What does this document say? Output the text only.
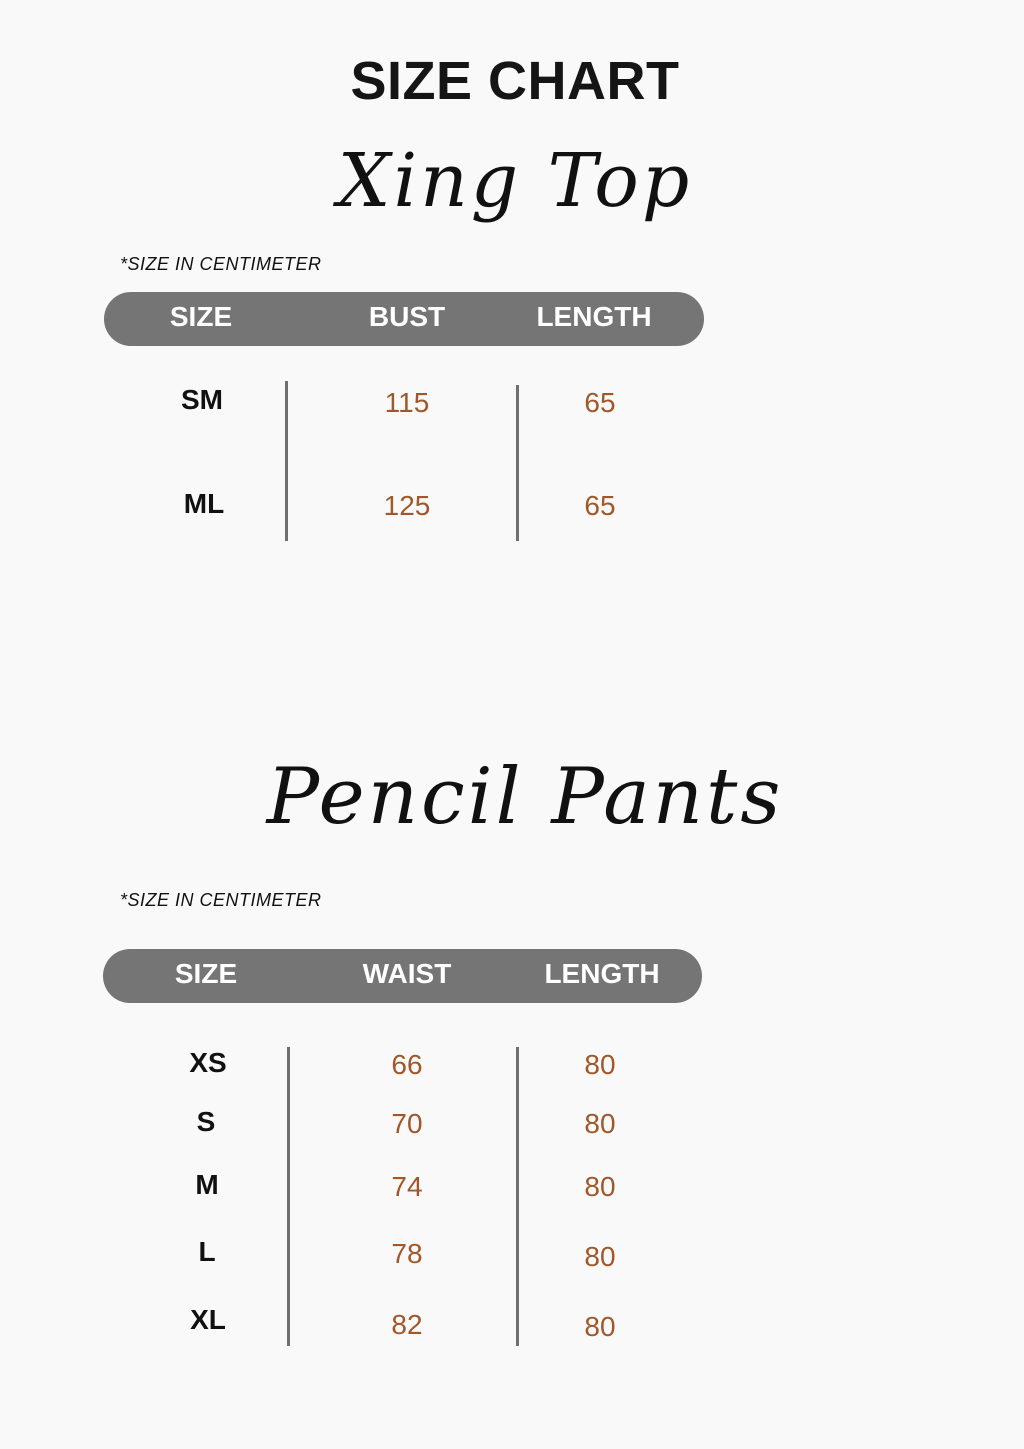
SIZE CHART
Xing Top
*SIZE IN CENTIMETER
SIZE	BUST	LENGTH
SM	115	65
ML	125	65
Pencil Pants
*SIZE IN CENTIMETER
SIZE	WAIST	LENGTH
XS	66	80
S	70	80
M	74	80
L	78	80
XL	82	80
